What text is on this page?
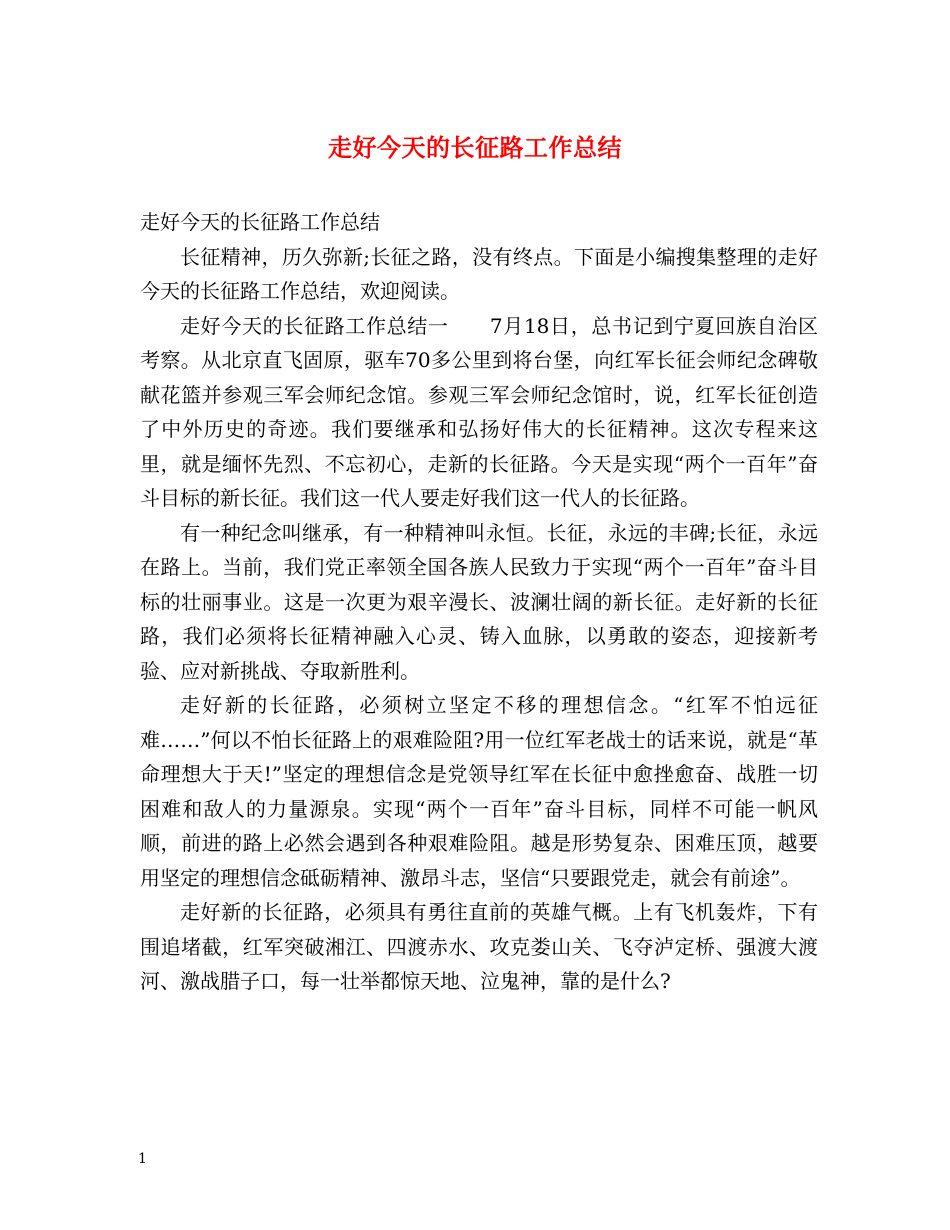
走好今天的长征路工作总结

走好今天的长征路工作总结

长征精神，历久弥新;长征之路，没有终点。下面是小编搜集整理的走好今天的长征路工作总结，欢迎阅读。

走好今天的长征路工作总结一　　7月18日，总书记到宁夏回族自治区考察。从北京直飞固原，驱车70多公里到将台堡，向红军长征会师纪念碑敬献花篮并参观三军会师纪念馆。参观三军会师纪念馆时，说，红军长征创造了中外历史的奇迹。我们要继承和弘扬好伟大的长征精神。这次专程来这里，就是缅怀先烈、不忘初心，走新的长征路。今天是实现“两个一百年”奋斗目标的新长征。我们这一代人要走好我们这一代人的长征路。

有一种纪念叫继承，有一种精神叫永恒。长征，永远的丰碑;长征，永远在路上。当前，我们党正率领全国各族人民致力于实现“两个一百年”奋斗目标的壮丽事业。这是一次更为艰辛漫长、波澜壮阔的新长征。走好新的长征路，我们必须将长征精神融入心灵、铸入血脉，以勇敢的姿态，迎接新考验、应对新挑战、夺取新胜利。

走好新的长征路，必须树立坚定不移的理想信念。“红军不怕远征难……”何以不怕长征路上的艰难险阻?用一位红军老战士的话来说，就是“革命理想大于天!”坚定的理想信念是党领导红军在长征中愈挫愈奋、战胜一切困难和敌人的力量源泉。实现“两个一百年”奋斗目标，同样不可能一帆风顺，前进的路上必然会遇到各种艰难险阻。越是形势复杂、困难压顶，越要用坚定的理想信念砥砺精神、激昂斗志，坚信“只要跟党走，就会有前途”。

走好新的长征路，必须具有勇往直前的英雄气概。上有飞机轰炸，下有围追堵截，红军突破湘江、四渡赤水、攻克娄山关、飞夺泸定桥、强渡大渡河、激战腊子口，每一壮举都惊天地、泣鬼神，靠的是什么?

1
